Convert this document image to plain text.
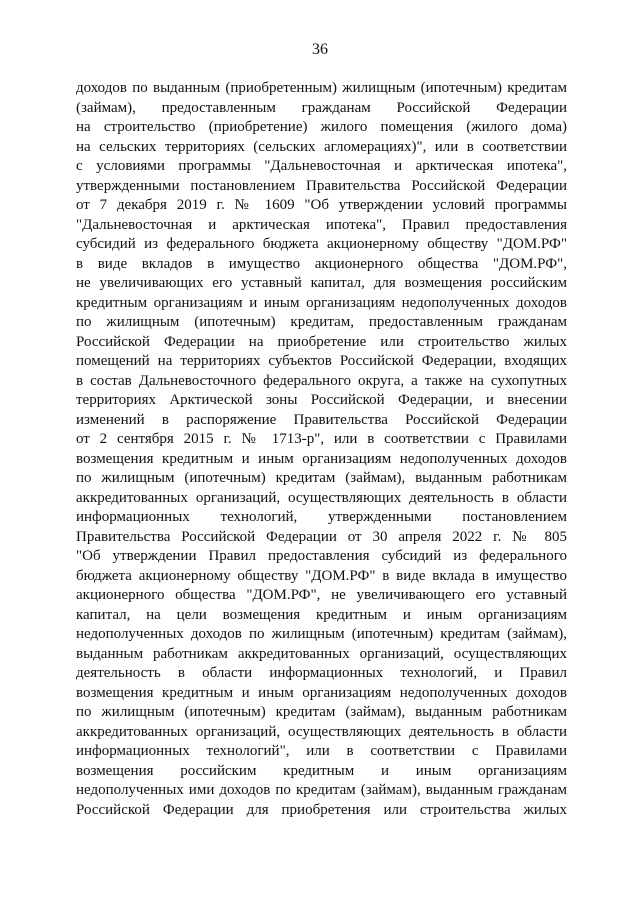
36
доходов по выданным (приобретенным) жилищным (ипотечным) кредитам
(займам), предоставленным гражданам Российской Федерации
на строительство (приобретение) жилого помещения (жилого дома)
на сельских территориях (сельских агломерациях)", или в соответствии
с условиями программы "Дальневосточная и арктическая ипотека",
утвержденными постановлением Правительства Российской Федерации
от 7 декабря 2019 г. № 1609 "Об утверждении условий программы
"Дальневосточная и арктическая ипотека", Правил предоставления
субсидий из федерального бюджета акционерному обществу "ДОМ.РФ"
в виде вкладов в имущество акционерного общества "ДОМ.РФ",
не увеличивающих его уставный капитал, для возмещения российским
кредитным организациям и иным организациям недополученных доходов
по жилищным (ипотечным) кредитам, предоставленным гражданам
Российской Федерации на приобретение или строительство жилых
помещений на территориях субъектов Российской Федерации, входящих
в состав Дальневосточного федерального округа, а также на сухопутных
территориях Арктической зоны Российской Федерации, и внесении
изменений в распоряжение Правительства Российской Федерации
от 2 сентября 2015 г. № 1713-р", или в соответствии с Правилами
возмещения кредитным и иным организациям недополученных доходов
по жилищным (ипотечным) кредитам (займам), выданным работникам
аккредитованных организаций, осуществляющих деятельность в области
информационных технологий, утвержденными постановлением
Правительства Российской Федерации от 30 апреля 2022 г. № 805
"Об утверждении Правил предоставления субсидий из федерального
бюджета акционерному обществу "ДОМ.РФ" в виде вклада в имущество
акционерного общества "ДОМ.РФ", не увеличивающего его уставный
капитал, на цели возмещения кредитным и иным организациям
недополученных доходов по жилищным (ипотечным) кредитам (займам),
выданным работникам аккредитованных организаций, осуществляющих
деятельность в области информационных технологий, и Правил
возмещения кредитным и иным организациям недополученных доходов
по жилищным (ипотечным) кредитам (займам), выданным работникам
аккредитованных организаций, осуществляющих деятельность в области
информационных технологий", или в соответствии с Правилами
возмещения российским кредитным и иным организациям
недополученных ими доходов по кредитам (займам), выданным гражданам
Российской Федерации для приобретения или строительства жилых
